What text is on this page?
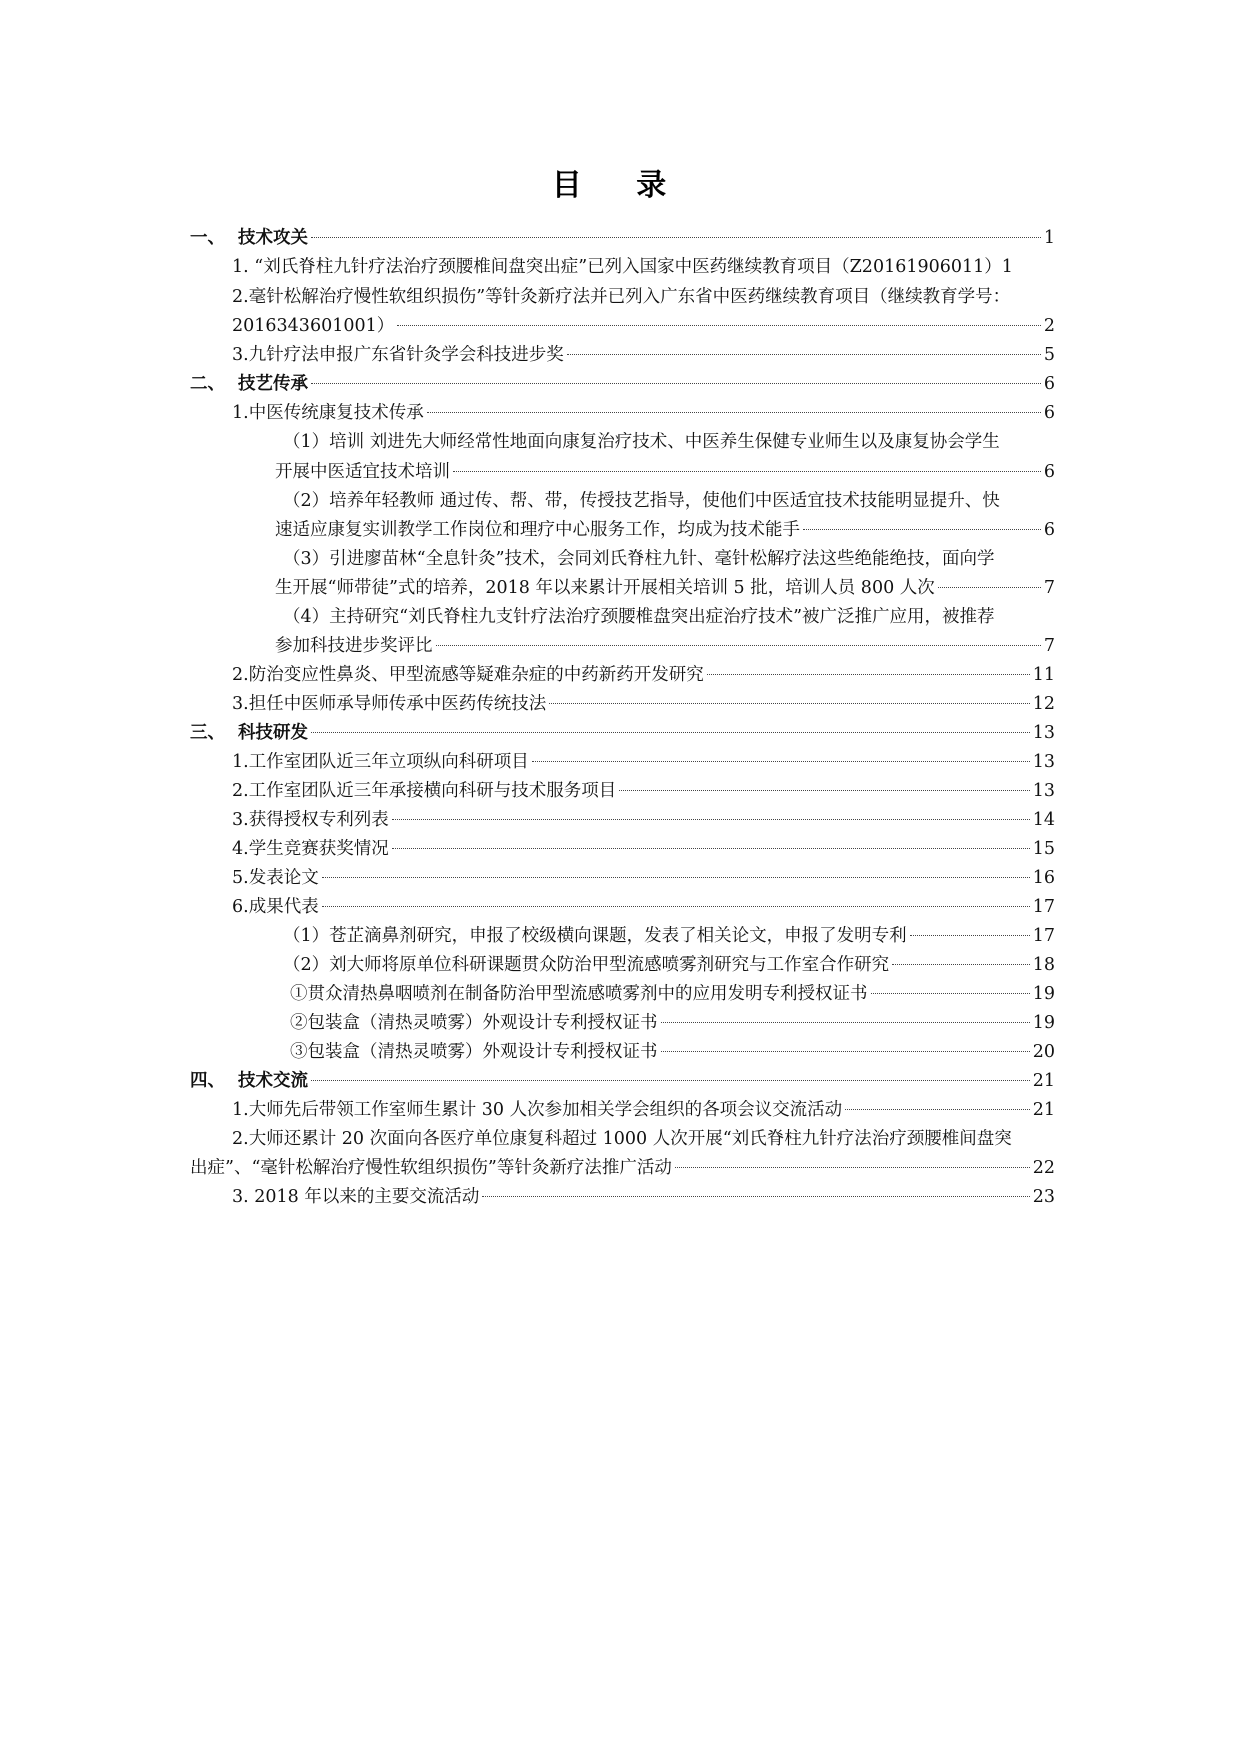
目 录
一、 技术攻关	1
1. “刘氏脊柱九针疗法治疗颈腰椎间盘突出症”已列入国家中医药继续教育项目（Z20161906011）1
2.毫针松解治疗慢性软组织损伤”等针灸新疗法并已列入广东省中医药继续教育项目（继续教育学号：
2016343601001）	2
3.九针疗法申报广东省针灸学会科技进步奖	5
二、 技艺传承	6
1.中医传统康复技术传承	6
（1）培训 刘进先大师经常性地面向康复治疗技术、中医养生保健专业师生以及康复协会学生
开展中医适宜技术培训	6
（2）培养年轻教师 通过传、帮、带，传授技艺指导，使他们中医适宜技术技能明显提升、快
速适应康复实训教学工作岗位和理疗中心服务工作，均成为技术能手	6
（3）引进廖苗林“全息针灸”技术，会同刘氏脊柱九针、毫针松解疗法这些绝能绝技，面向学
生开展“师带徒”式的培养，2018 年以来累计开展相关培训 5 批，培训人员 800 人次	7
（4）主持研究“刘氏脊柱九支针疗法治疗颈腰椎盘突出症治疗技术”被广泛推广应用，被推荐
参加科技进步奖评比	7
2.防治变应性鼻炎、甲型流感等疑难杂症的中药新药开发研究	11
3.担任中医师承导师传承中医药传统技法	12
三、 科技研发	13
1.工作室团队近三年立项纵向科研项目	13
2.工作室团队近三年承接横向科研与技术服务项目	13
3.获得授权专利列表	14
4.学生竞赛获奖情况	15
5.发表论文	16
6.成果代表	17
（1）苍芷滴鼻剂研究，申报了校级横向课题，发表了相关论文，申报了发明专利	17
（2）刘大师将原单位科研课题贯众防治甲型流感喷雾剂研究与工作室合作研究	18
①贯众清热鼻咽喷剂在制备防治甲型流感喷雾剂中的应用发明专利授权证书	19
②包装盒（清热灵喷雾）外观设计专利授权证书	19
③包装盒（清热灵喷雾）外观设计专利授权证书	20
四、 技术交流	21
1.大师先后带领工作室师生累计 30 人次参加相关学会组织的各项会议交流活动	21
2.大师还累计 20 次面向各医疗单位康复科超过 1000 人次开展“刘氏脊柱九针疗法治疗颈腰椎间盘突
出症”、“毫针松解治疗慢性软组织损伤”等针灸新疗法推广活动	22
3. 2018 年以来的主要交流活动	23
